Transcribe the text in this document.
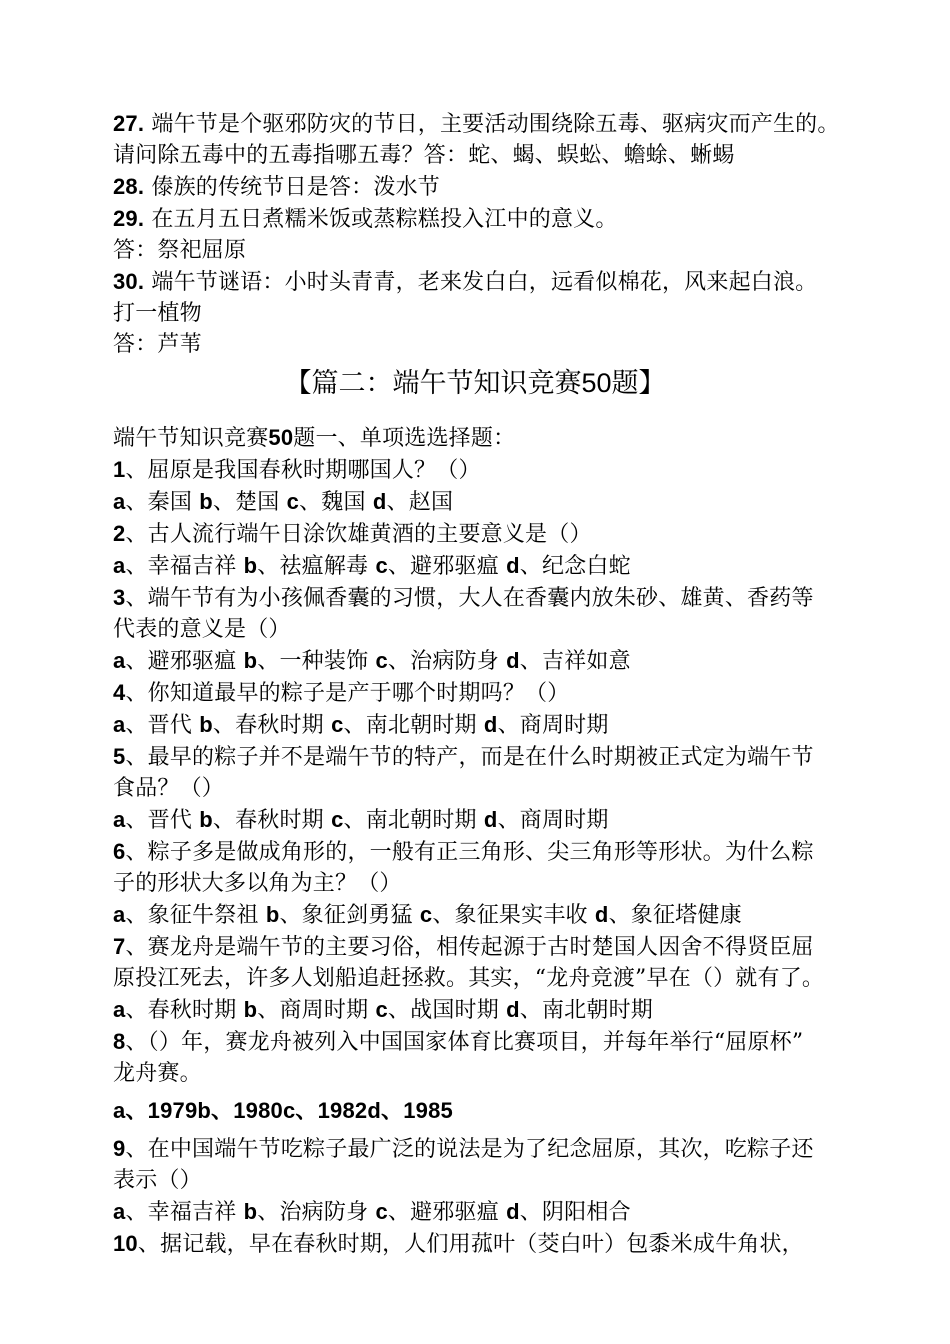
27. 端午节是个驱邪防灾的节日，主要活动围绕除五毒、驱病灾而产生的。
请问除五毒中的五毒指哪五毒？答：蛇、蝎、蜈蚣、蟾蜍、蜥蜴
28. 傣族的传统节日是答：泼水节
29. 在五月五日煮糯米饭或蒸粽糕投入江中的意义。
答：祭祀屈原
30. 端午节谜语：小时头青青，老来发白白，远看似棉花，风来起白浪。
打一植物
答：芦苇
【篇二：端午节知识竞赛50题】
端午节知识竞赛50题一、单项选选择题：
1、屈原是我国春秋时期哪国人？（）
a、秦国 b、楚国 c、魏国 d、赵国
2、古人流行端午日涂饮雄黄酒的主要意义是（）
a、幸福吉祥 b、祛瘟解毒 c、避邪驱瘟 d、纪念白蛇
3、端午节有为小孩佩香囊的习惯，大人在香囊内放朱砂、雄黄、香药等
代表的意义是（）
a、避邪驱瘟 b、一种装饰 c、治病防身 d、吉祥如意
4、你知道最早的粽子是产于哪个时期吗？（）
a、晋代 b、春秋时期 c、南北朝时期 d、商周时期
5、最早的粽子并不是端午节的特产，而是在什么时期被正式定为端午节
食品？（）
a、晋代 b、春秋时期 c、南北朝时期 d、商周时期
6、粽子多是做成角形的，一般有正三角形、尖三角形等形状。为什么粽
子的形状大多以角为主？（）
a、象征牛祭祖 b、象征剑勇猛 c、象征果实丰收 d、象征塔健康
7、赛龙舟是端午节的主要习俗，相传起源于古时楚国人因舍不得贤臣屈
原投江死去，许多人划船追赶拯救。其实，“龙舟竞渡”早在（）就有了。
a、春秋时期 b、商周时期 c、战国时期 d、南北朝时期
8、（）年，赛龙舟被列入中国国家体育比赛项目，并每年举行“屈原杯”
龙舟赛。
a、1979b、1980c、1982d、1985
9、在中国端午节吃粽子最广泛的说法是为了纪念屈原，其次，吃粽子还
表示（）
a、幸福吉祥 b、治病防身 c、避邪驱瘟 d、阴阳相合
10、据记载，早在春秋时期，人们用菰叶（茭白叶）包黍米成牛角状，
